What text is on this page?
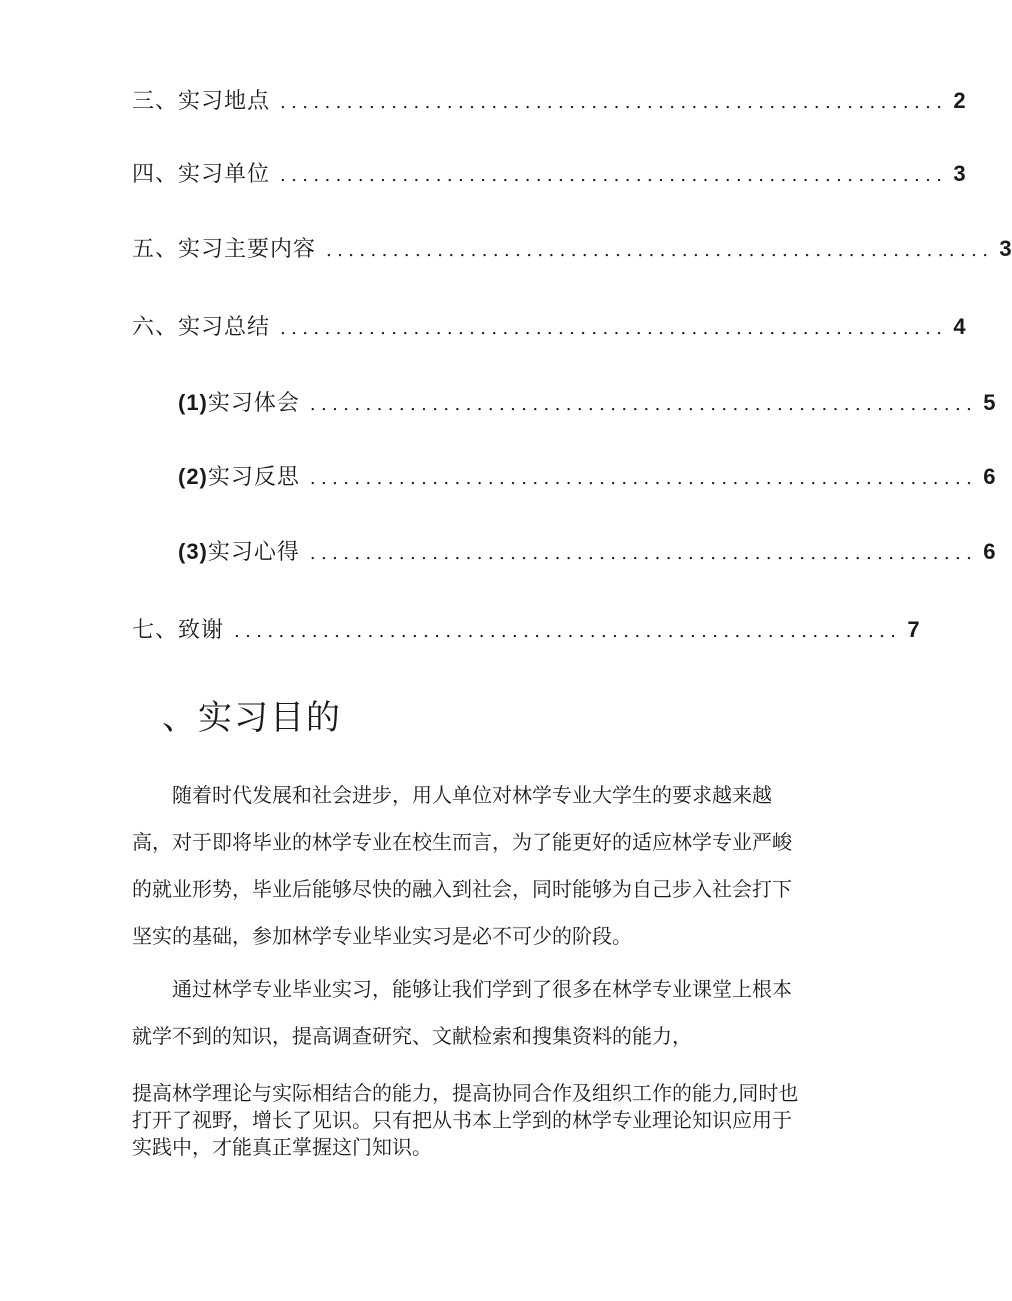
三、实习地点 ............................................................ 2
四、实习单位 ............................................................ 3
五、实习主要内容 ............................................................ 3
六、实习总结 ............................................................ 4
(1)实习体会 ............................................................ 5
(2)实习反思 ............................................................ 6
(3)实习心得 ............................................................ 6
七、致谢 ............................................................ 7
、实习目的

随着时代发展和社会进步，用人单位对林学专业大学生的要求越来越高，对于即将毕业的林学专业在校生而言，为了能更好的适应林学专业严峻的就业形势，毕业后能够尽快的融入到社会，同时能够为自己步入社会打下坚实的基础，参加林学专业毕业实习是必不可少的阶段。

通过林学专业毕业实习，能够让我们学到了很多在林学专业课堂上根本就学不到的知识，提高调查研究、文献检索和搜集资料的能力，

提高林学理论与实际相结合的能力，提高协同合作及组织工作的能力,同时也打开了视野，增长了见识。只有把从书本上学到的林学专业理论知识应用于实践中，才能真正掌握这门知识。
